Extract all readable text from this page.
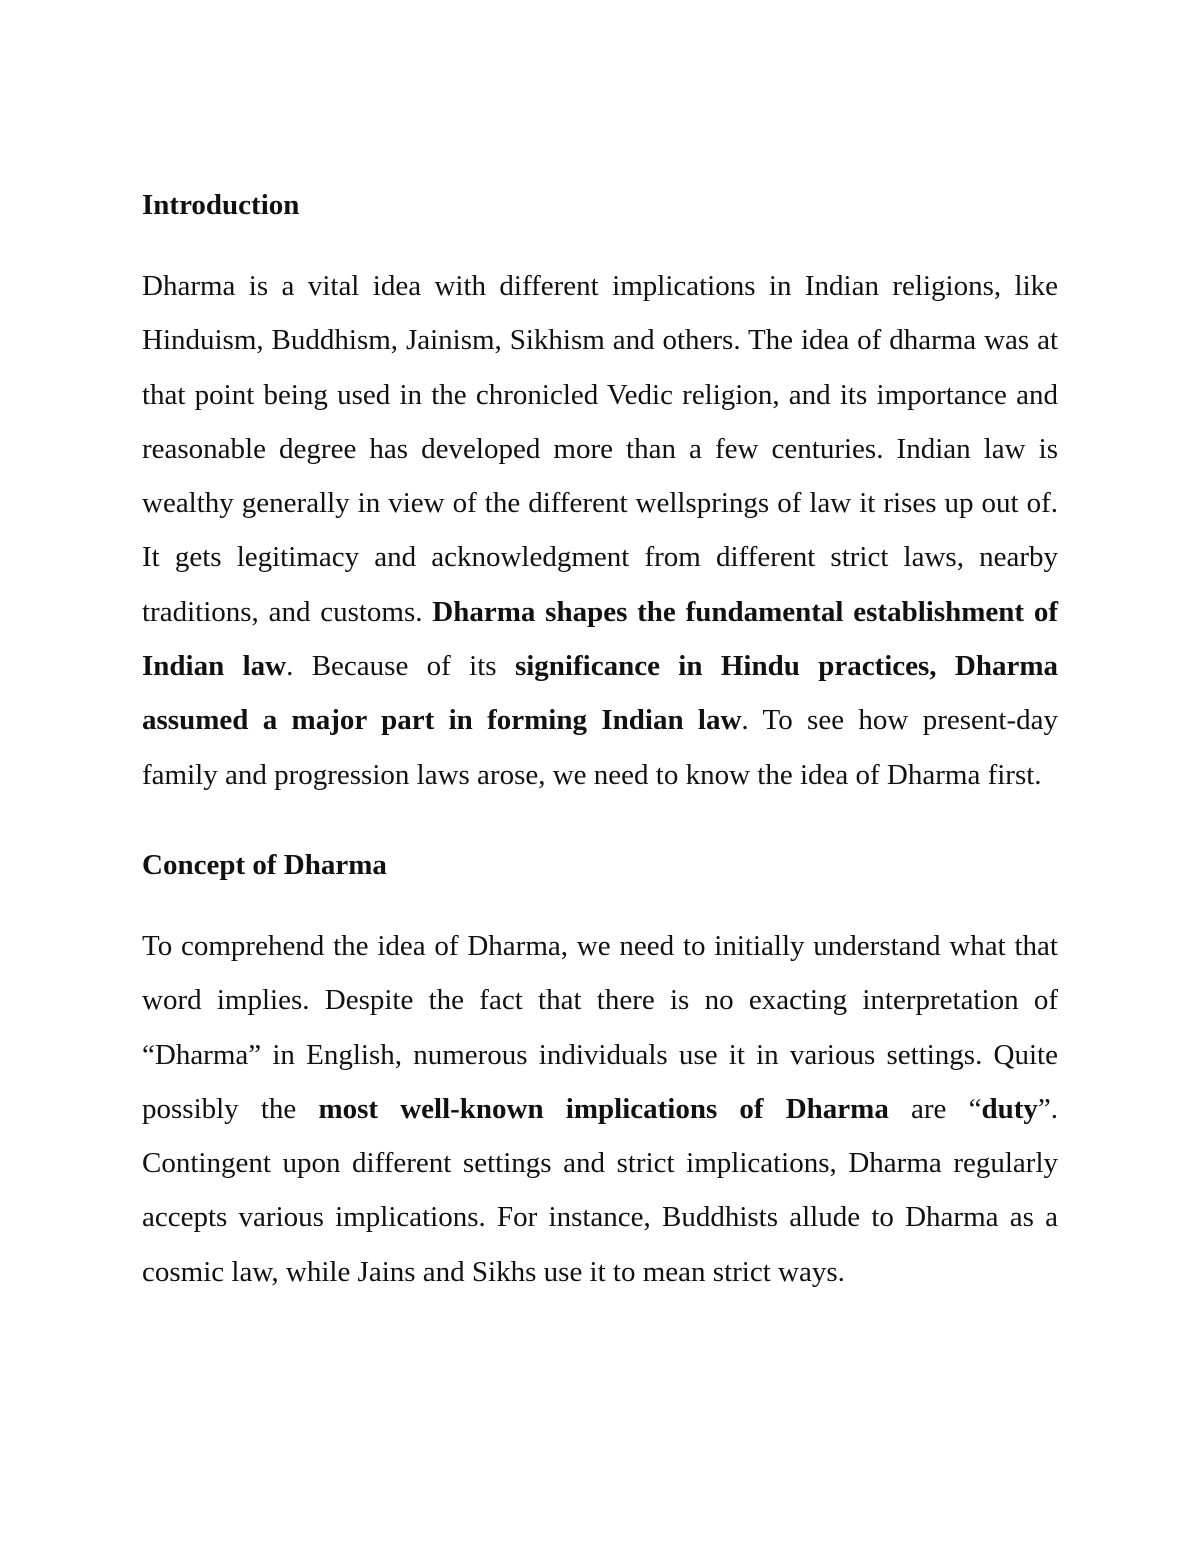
Introduction

Dharma is a vital idea with different implications in Indian religions, like Hinduism, Buddhism, Jainism, Sikhism and others. The idea of dharma was at that point being used in the chronicled Vedic religion, and its importance and reasonable degree has developed more than a few centuries. Indian law is wealthy generally in view of the different wellsprings of law it rises up out of. It gets legitimacy and acknowledgment from different strict laws, nearby traditions, and customs. Dharma shapes the fundamental establishment of Indian law. Because of its significance in Hindu practices, Dharma assumed a major part in forming Indian law. To see how present-day family and progression laws arose, we need to know the idea of Dharma first.

Concept of Dharma

To comprehend the idea of Dharma, we need to initially understand what that word implies. Despite the fact that there is no exacting interpretation of “Dharma” in English, numerous individuals use it in various settings. Quite possibly the most well-known implications of Dharma are “duty”. Contingent upon different settings and strict implications, Dharma regularly accepts various implications. For instance, Buddhists allude to Dharma as a cosmic law, while Jains and Sikhs use it to mean strict ways.
